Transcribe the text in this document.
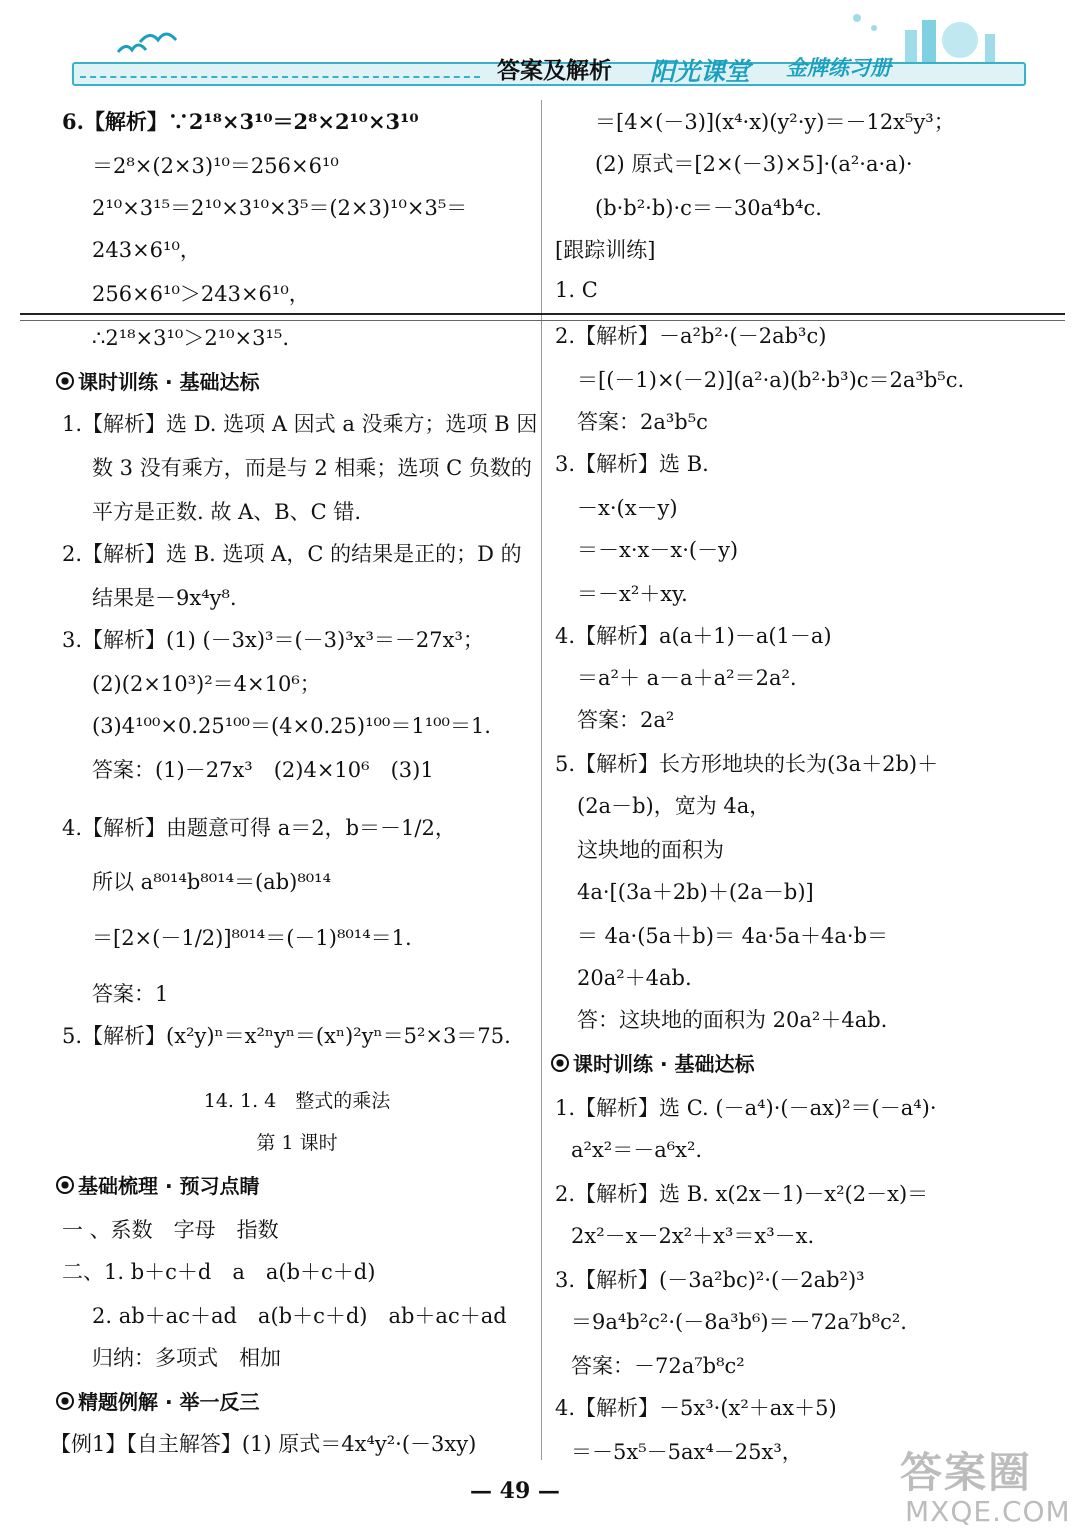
答案及解析 阳光课堂 金牌练习册
6.【解析】∵2¹⁸×3¹⁰＝2⁸×2¹⁰×3¹⁰
＝2⁸×(2×3)¹⁰＝256×6¹⁰
2¹⁰×3¹⁵＝2¹⁰×3¹⁰×3⁵＝(2×3)¹⁰×3⁵＝
243×6¹⁰，
256×6¹⁰＞243×6¹⁰，
∴2¹⁸×3¹⁰＞2¹⁰×3¹⁵.
课时训练 · 基础达标
1.【解析】选 D. 选项 A 因式 a 没乘方；选项 B 因
数 3 没有乘方，而是与 2 相乘；选项 C 负数的
平方是正数. 故 A、B、C 错.
2.【解析】选 B. 选项 A，C 的结果是正的；D 的
结果是－9x⁴y⁸.
3.【解析】(1) (－3x)³＝(－3)³x³＝－27x³；
(2)(2×10³)²＝4×10⁶；
(3)4¹⁰⁰×0.25¹⁰⁰＝(4×0.25)¹⁰⁰＝1¹⁰⁰＝1.
答案：(1)－27x³　(2)4×10⁶　(3)1
4.【解析】由题意可得 a＝2，b＝－1/2，
所以 a⁸⁰¹⁴b⁸⁰¹⁴＝(ab)⁸⁰¹⁴
＝[2×(－1/2)]⁸⁰¹⁴＝(－1)⁸⁰¹⁴＝1.
答案：1
5.【解析】(x²y)ⁿ＝x²ⁿyⁿ＝(xⁿ)²yⁿ＝5²×3＝75.
14. 1. 4　整式的乘法
第 1 课时
基础梳理 · 预习点睛
一 、系数　字母　指数
二、1. b＋c＋d　a　a(b＋c＋d)
2. ab＋ac＋ad　a(b＋c＋d)　ab＋ac＋ad
归纳：多项式　相加
精题例解 · 举一反三
【例1】【自主解答】(1) 原式＝4x⁴y²·(－3xy)
＝[4×(－3)](x⁴·x)(y²·y)＝－12x⁵y³；
(2) 原式＝[2×(－3)×5]·(a²·a·a)·
(b·b²·b)·c＝－30a⁴b⁴c.
[跟踪训练]
1. C
2.【解析】－a²b²·(－2ab³c)
＝[(－1)×(－2)](a²·a)(b²·b³)c＝2a³b⁵c.
答案：2a³b⁵c
3.【解析】选 B.
－x·(x－y)
＝－x·x－x·(－y)
＝－x²＋xy.
4.【解析】a(a＋1)－a(1－a)
＝a²＋ a－a＋a²＝2a².
答案：2a²
5.【解析】长方形地块的长为(3a＋2b)＋
(2a－b)，宽为 4a，
这块地的面积为
4a·[(3a＋2b)＋(2a－b)]
＝ 4a·(5a＋b)＝ 4a·5a＋4a·b＝
20a²＋4ab.
答：这块地的面积为 20a²＋4ab.
课时训练 · 基础达标
1.【解析】选 C. (－a⁴)·(－ax)²＝(－a⁴)·
a²x²＝－a⁶x².
2.【解析】选 B. x(2x－1)－x²(2－x)＝
2x²－x－2x²＋x³＝x³－x.
3.【解析】(－3a²bc)²·(－2ab²)³
＝9a⁴b²c²·(－8a³b⁶)＝－72a⁷b⁸c².
答案：－72a⁷b⁸c²
4.【解析】－5x³·(x²＋ax＋5)
＝－5x⁵－5ax⁴－25x³，
— 49 —	答案圈
MXQE.COM
